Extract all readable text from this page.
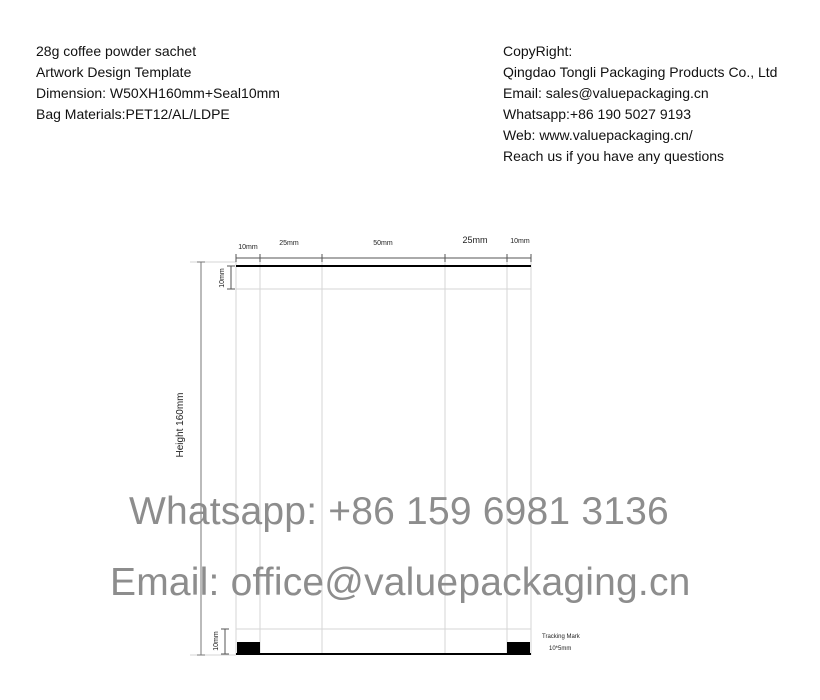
28g coffee powder sachet
Artwork Design Template
Dimension: W50XH160mm+Seal10mm
Bag Materials:PET12/AL/LDPE
CopyRight:
Qingdao Tongli Packaging Products Co., Ltd
Email: sales@valuepackaging.cn
Whatsapp:+86 190 5027 9193
Web: www.valuepackaging.cn/
Reach us if you have any questions
10mm
25mm	50mm	25mm	10mm
10mm
Height 160mm
10mm	Tracking Mark
10*5mm
Whatsapp: +86 159 6981 3136
Email: office@valuepackaging.cn
